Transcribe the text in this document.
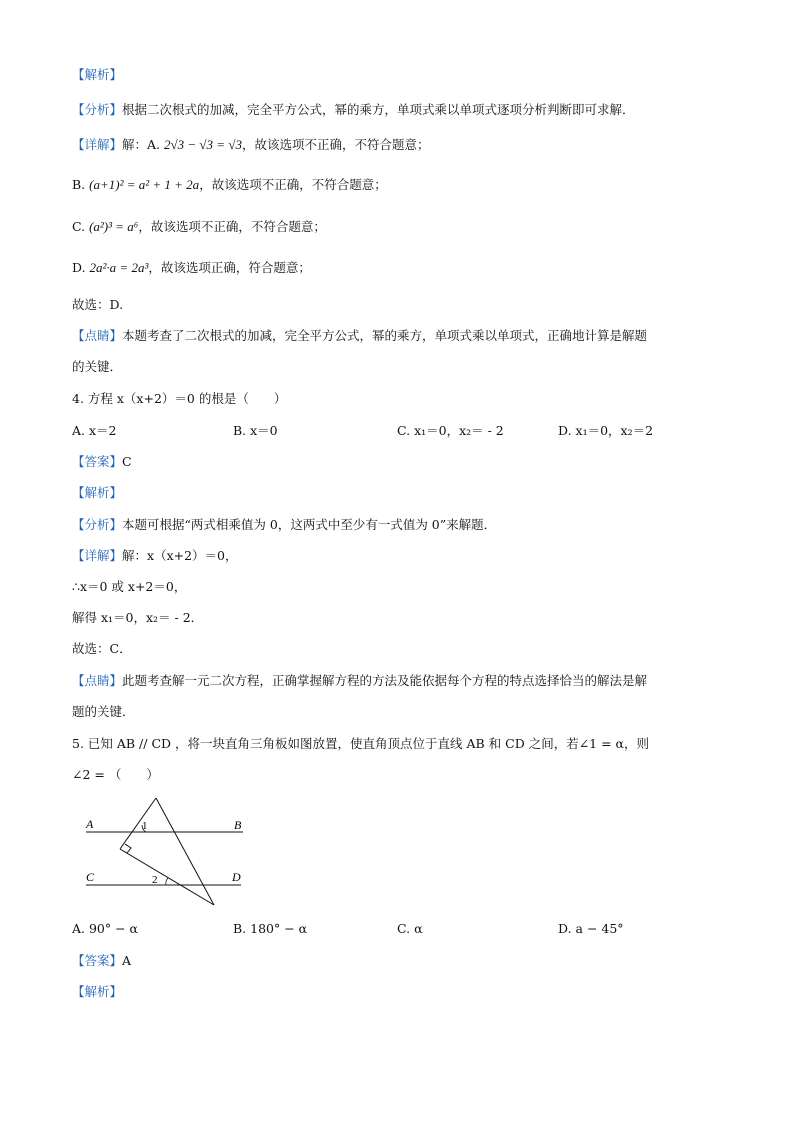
【解析】
【分析】根据二次根式的加减，完全平方公式，幂的乘方，单项式乘以单项式逐项分析判断即可求解．
【详解】解：A. 2√3 − √3 = √3，故该选项不正确，不符合题意；
B. (a+1)² = a² + 1 + 2a，故该选项不正确，不符合题意；
C. (a²)³ = a⁶，故该选项不正确，不符合题意；
D. 2a²·a = 2a³，故该选项正确，符合题意；
故选：D.
【点睛】本题考查了二次根式的加减，完全平方公式，幂的乘方，单项式乘以单项式，正确地计算是解题
的关键．
4. 方程 x（x+2）＝0 的根是（　　）
A. x＝2	B. x＝0	C. x₁＝0，x₂＝ - 2	D. x₁＝0，x₂＝2
【答案】C
【解析】
【分析】本题可根据“两式相乘值为 0，这两式中至少有一式值为 0”来解题．
【详解】解：x（x+2）＝0，
∴x＝0 或 x+2＝0，
解得 x₁＝0，x₂＝ - 2．
故选：C．
【点睛】此题考查解一元二次方程，正确掌握解方程的方法及能依据每个方程的特点选择恰当的解法是解
题的关键．
5. 已知 AB // CD ，将一块直角三角板如图放置，使直角顶点位于直线 AB 和 CD 之间，若∠1 = α，则
∠2 = （　　）
A	B
C	D
1
2
A. 90° − α	B. 180° − α	C. α	D. a − 45°
【答案】A
【解析】
